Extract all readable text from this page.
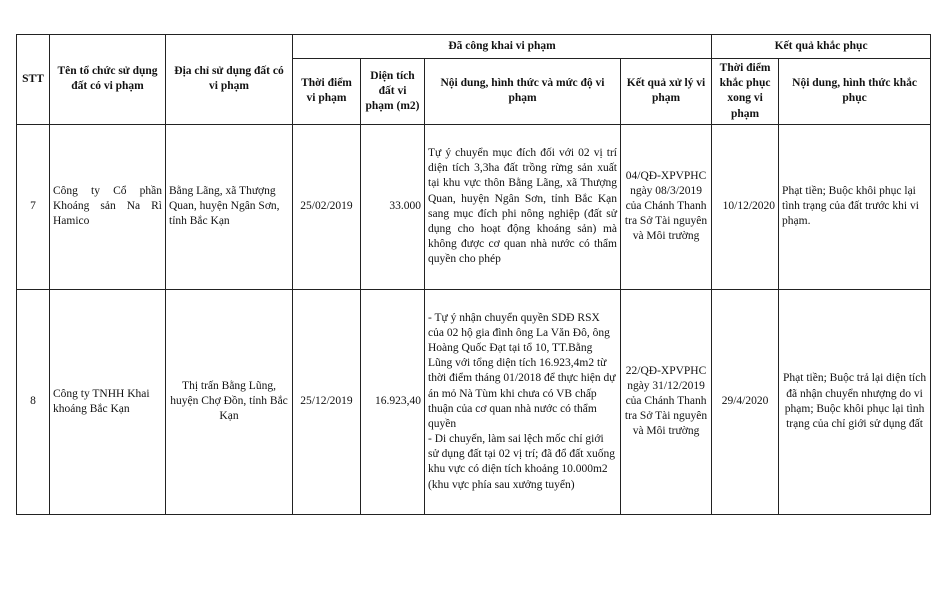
STT	Tên tổ chức sử dụng đất có vi phạm	Địa chỉ sử dụng đất có vi phạm	Đã công khai vi phạm				Kết quả khắc phục	
			Thời điểm vi phạm	Diện tích đất vi phạm (m2)	Nội dung, hình thức và mức độ vi phạm	Kết quả xử lý vi phạm	Thời điểm khắc phục xong vi phạm	Nội dung, hình thức khắc phục
7	Công ty Cổ phần Khoáng sản Na Rì Hamico	Bằng Lãng, xã Thượng Quan, huyện Ngân Sơn, tỉnh Bắc Kạn	25/02/2019	33.000	Tự ý chuyển mục đích đối với 02 vị trí diện tích 3,3ha đất trồng rừng sản xuất tại khu vực thôn Bằng Lãng, xã Thượng Quan, huyện Ngân Sơn, tỉnh Bắc Kạn sang mục đích phi nông nghiệp (đất sử dụng cho hoạt động khoáng sản) mà không được cơ quan nhà nước có thẩm quyền cho phép	04/QĐ-XPVPHC ngày 08/3/2019 của Chánh Thanh tra Sở Tài nguyên và Môi trường	10/12/2020	Phạt tiền; Buộc khôi phục lại tình trạng của đất trước khi vi phạm.
8	Công ty TNHH Khai khoáng Bắc Kạn	Thị trấn Bằng Lũng, huyện Chợ Đồn, tỉnh Bắc Kạn	25/12/2019	16.923,40	- Tự ý nhận chuyển quyền SDĐ RSX của 02 hộ gia đình ông La Văn Đô, ông Hoàng Quốc Đạt tại tổ 10, TT.Bằng Lũng với tổng diện tích 16.923,4m2 từ thời điểm tháng 01/2018 để thực hiện dự án mỏ Nà Tùm khi chưa có VB chấp thuận của cơ quan nhà nước có thẩm quyền
- Di chuyển, làm sai lệch mốc chỉ giới sử dụng đất tại 02 vị trí; đã đổ đất xuống khu vực có diện tích khoảng 10.000m2 (khu vực phía sau xưởng tuyển)	22/QĐ-XPVPHC ngày 31/12/2019 của Chánh Thanh tra Sở Tài nguyên và Môi trường	29/4/2020	Phạt tiền; Buộc trả lại diện tích đã nhận chuyển nhượng do vi phạm; Buộc khôi phục lại tình trạng của chỉ giới sử dụng đất
